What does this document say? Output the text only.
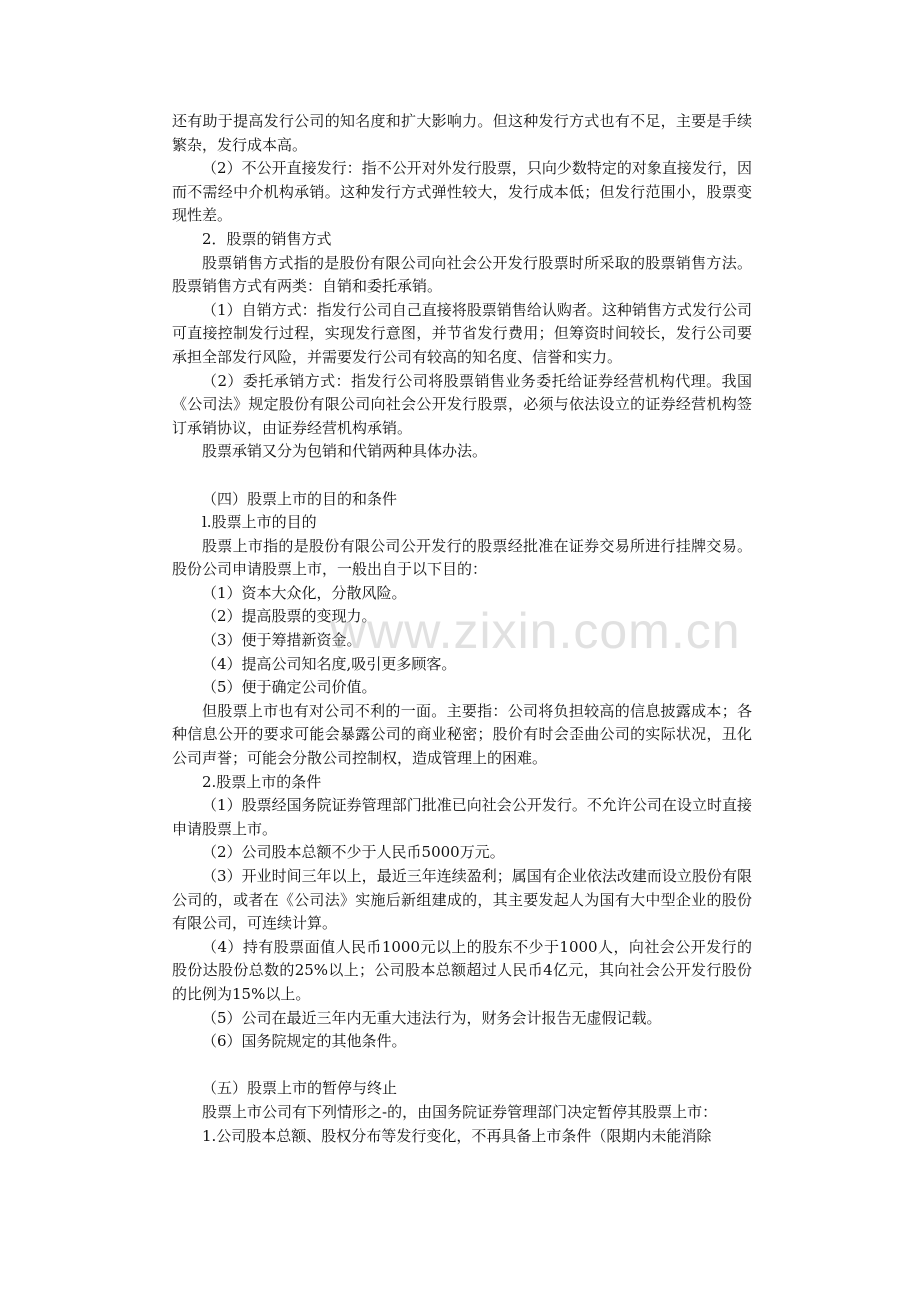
还有助于提高发行公司的知名度和扩大影响力。但这种发行方式也有不足，主要是手续繁杂，发行成本高。

（2）不公开直接发行：指不公开对外发行股票，只向少数特定的对象直接发行，因而不需经中介机构承销。这种发行方式弹性较大，发行成本低；但发行范围小，股票变现性差。

2．股票的销售方式

股票销售方式指的是股份有限公司向社会公开发行股票时所采取的股票销售方法。股票销售方式有两类：自销和委托承销。

（1）自销方式：指发行公司自己直接将股票销售给认购者。这种销售方式发行公司可直接控制发行过程，实现发行意图，并节省发行费用；但筹资时间较长，发行公司要承担全部发行风险，并需要发行公司有较高的知名度、信誉和实力。

（2）委托承销方式：指发行公司将股票销售业务委托给证券经营机构代理。我国《公司法》规定股份有限公司向社会公开发行股票，必须与依法设立的证券经营机构签订承销协议，由证券经营机构承销。

股票承销又分为包销和代销两种具体办法。

（四）股票上市的目的和条件

l.股票上市的目的

股票上市指的是股份有限公司公开发行的股票经批准在证券交易所进行挂牌交易。股份公司申请股票上市，一般出自于以下目的：

（1）资本大众化，分散风险。

（2）提高股票的变现力。

（3）便于筹措新资金。

（4）提高公司知名度,吸引更多顾客。

（5）便于确定公司价值。

但股票上市也有对公司不利的一面。主要指：公司将负担较高的信息披露成本；各种信息公开的要求可能会暴露公司的商业秘密；股价有时会歪曲公司的实际状况，丑化公司声誉；可能会分散公司控制权，造成管理上的困难。

2.股票上市的条件

（1）股票经国务院证券管理部门批准已向社会公开发行。不允许公司在设立时直接申请股票上市。

（2）公司股本总额不少于人民币5000万元。

（3）开业时间三年以上，最近三年连续盈利；属国有企业依法改建而设立股份有限公司的，或者在《公司法》实施后新组建成的，其主要发起人为国有大中型企业的股份有限公司，可连续计算。

（4）持有股票面值人民币1000元以上的股东不少于1000人，向社会公开发行的股份达股份总数的25%以上；公司股本总额超过人民币4亿元，其向社会公开发行股份的比例为15%以上。

（5）公司在最近三年内无重大违法行为，财务会计报告无虚假记载。

（6）国务院规定的其他条件。

（五）股票上市的暂停与终止

股票上市公司有下列情形之-的，由国务院证券管理部门决定暂停其股票上市：

1.公司股本总额、股权分布等发行变化，不再具备上市条件（限期内未能消除

www.zixin.com.cn
